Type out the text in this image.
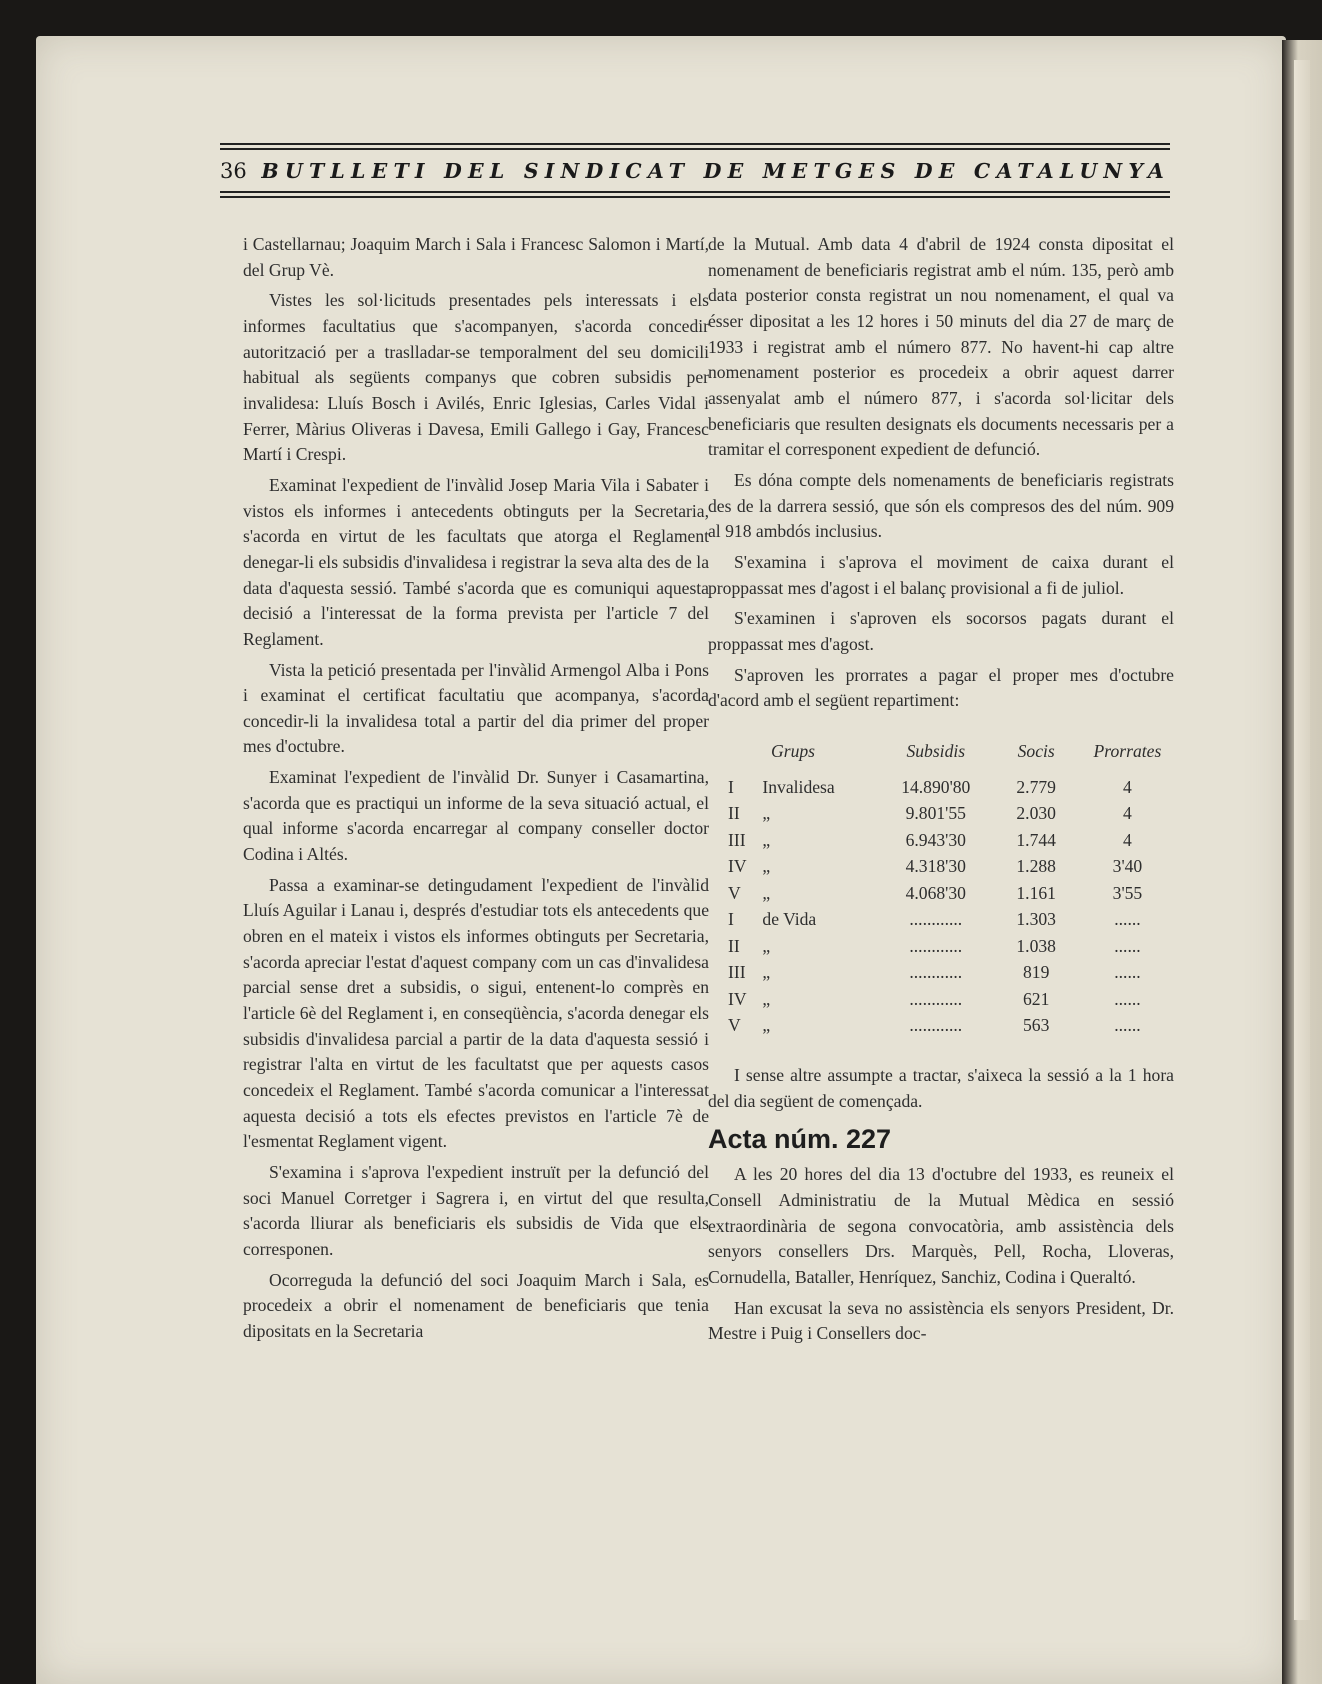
36 BUTLLETI DEL SINDICAT DE METGES DE CATALUNYA

i Castellarnau; Joaquim March i Sala i Francesc Salomon i Martí, del Grup Vè.

Vistes les sol·licituds presentades pels interessats i els informes facultatius que s'acompanyen, s'acorda concedir autorització per a traslladar-se temporalment del seu domicili habitual als següents companys que cobren subsidis per invalidesa: Lluís Bosch i Avilés, Enric Iglesias, Carles Vidal i Ferrer, Màrius Oliveras i Davesa, Emili Gallego i Gay, Francesc Martí i Crespi.

Examinat l'expedient de l'invàlid Josep Maria Vila i Sabater i vistos els informes i antecedents obtinguts per la Secretaria, s'acorda en virtut de les facultats que atorga el Reglament denegar-li els subsidis d'invalidesa i registrar la seva alta des de la data d'aquesta sessió. També s'acorda que es comuniqui aquesta decisió a l'interessat de la forma prevista per l'article 7 del Reglament.

Vista la petició presentada per l'invàlid Armengol Alba i Pons i examinat el certificat facultatiu que acompanya, s'acorda concedir-li la invalidesa total a partir del dia primer del proper mes d'octubre.

Examinat l'expedient de l'invàlid Dr. Sunyer i Casamartina, s'acorda que es practiqui un informe de la seva situació actual, el qual informe s'acorda encarregar al company conseller doctor Codina i Altés.

Passa a examinar-se detingudament l'expedient de l'invàlid Lluís Aguilar i Lanau i, després d'estudiar tots els antecedents que obren en el mateix i vistos els informes obtinguts per Secretaria, s'acorda apreciar l'estat d'aquest company com un cas d'invalidesa parcial sense dret a subsidis, o sigui, entenent-lo comprès en l'article 6è del Reglament i, en conseqüència, s'acorda denegar els subsidis d'invalidesa parcial a partir de la data d'aquesta sessió i registrar l'alta en virtut de les facultatst que per aquests casos concedeix el Reglament. També s'acorda comunicar a l'interessat aquesta decisió a tots els efectes previstos en l'article 7è de l'esmentat Reglament vigent.

S'examina i s'aprova l'expedient instruït per la defunció del soci Manuel Corretger i Sagrera i, en virtut del que resulta, s'acorda lliurar als beneficiaris els subsidis de Vida que els corresponen.

Ocorreguda la defunció del soci Joaquim March i Sala, es procedeix a obrir el nomenament de beneficiaris que tenia dipositats en la Secretaria

de la Mutual. Amb data 4 d'abril de 1924 consta dipositat el nomenament de beneficiaris registrat amb el núm. 135, però amb data posterior consta registrat un nou nomenament, el qual va ésser dipositat a les 12 hores i 50 minuts del dia 27 de març de 1933 i registrat amb el número 877. No havent-hi cap altre nomenament posterior es procedeix a obrir aquest darrer assenyalat amb el número 877, i s'acorda sol·licitar dels beneficiaris que resulten designats els documents necessaris per a tramitar el corresponent expedient de defunció.

Es dóna compte dels nomenaments de beneficiaris registrats des de la darrera sessió, que són els compresos des del núm. 909 al 918 ambdós inclusius.

S'examina i s'aprova el moviment de caixa durant el proppassat mes d'agost i el balanç provisional a fi de juliol.

S'examinen i s'aproven els socorsos pagats durant el proppassat mes d'agost.

S'aproven les prorrates a pagar el proper mes d'octubre d'acord amb el següent repartiment:

Grups		Subsidis	Socis	Prorrates
I	Invalidesa	14.890'80	2.779	4
II	„	9.801'55	2.030	4
III	„	6.943'30	1.744	4
IV	„	4.318'30	1.288	3'40
V	„	4.068'30	1.161	3'55
I	de Vida	............	1.303	......
II	„	............	1.038	......
III	„	............	819	......
IV	„	............	621	......
V	„	............	563	......

I sense altre assumpte a tractar, s'aixeca la sessió a la 1 hora del dia següent de començada.

Acta núm. 227

A les 20 hores del dia 13 d'octubre del 1933, es reuneix el Consell Administratiu de la Mutual Mèdica en sessió extraordinària de segona convocatòria, amb assistència dels senyors consellers Drs. Marquès, Pell, Rocha, Lloveras, Cornudella, Bataller, Henríquez, Sanchiz, Codina i Queraltó.

Han excusat la seva no assistència els senyors President, Dr. Mestre i Puig i Consellers doc-
